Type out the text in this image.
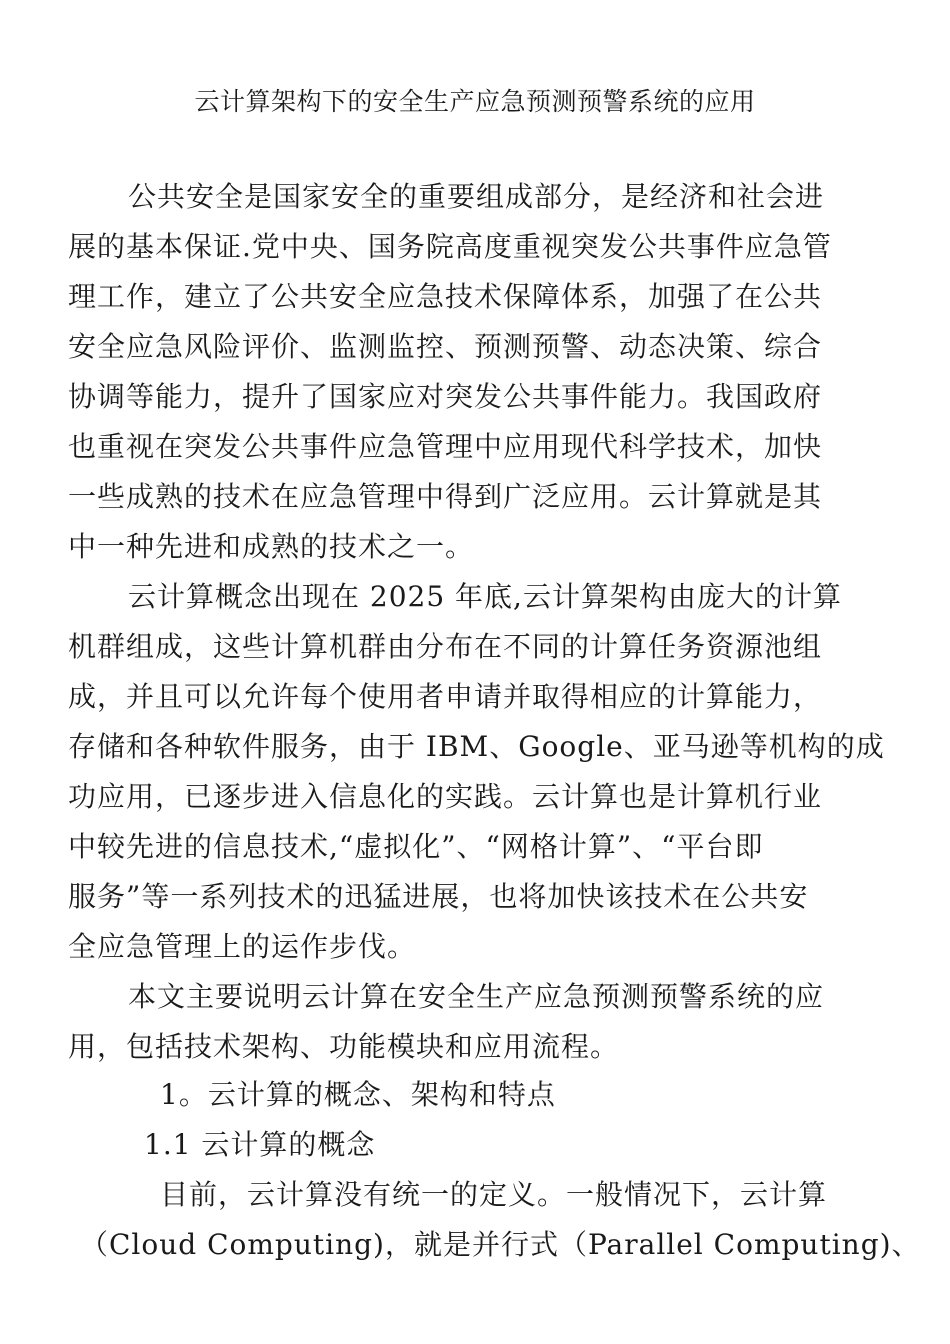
云计算架构下的安全生产应急预测预警系统的应用
公共安全是国家安全的重要组成部分，是经济和社会进
展的基本保证.党中央、国务院高度重视突发公共事件应急管
理工作，建立了公共安全应急技术保障体系，加强了在公共
安全应急风险评价、监测监控、预测预警、动态决策、综合
协调等能力，提升了国家应对突发公共事件能力。我国政府
也重视在突发公共事件应急管理中应用现代科学技术，加快
一些成熟的技术在应急管理中得到广泛应用。云计算就是其
中一种先进和成熟的技术之一。
云计算概念出现在 2025 年底,云计算架构由庞大的计算
机群组成，这些计算机群由分布在不同的计算任务资源池组
成，并且可以允许每个使用者申请并取得相应的计算能力，
存储和各种软件服务，由于 IBM、Google、亚马逊等机构的成
功应用，已逐步进入信息化的实践。云计算也是计算机行业
中较先进的信息技术,“虚拟化”、“网格计算”、“平台即
服务”等一系列技术的迅猛进展，也将加快该技术在公共安
全应急管理上的运作步伐。
本文主要说明云计算在安全生产应急预测预警系统的应
用，包括技术架构、功能模块和应用流程。
1。云计算的概念、架构和特点
1.1 云计算的概念
目前，云计算没有统一的定义。一般情况下，云计算
（Cloud Computing)，就是并行式（Parallel Computing)、
